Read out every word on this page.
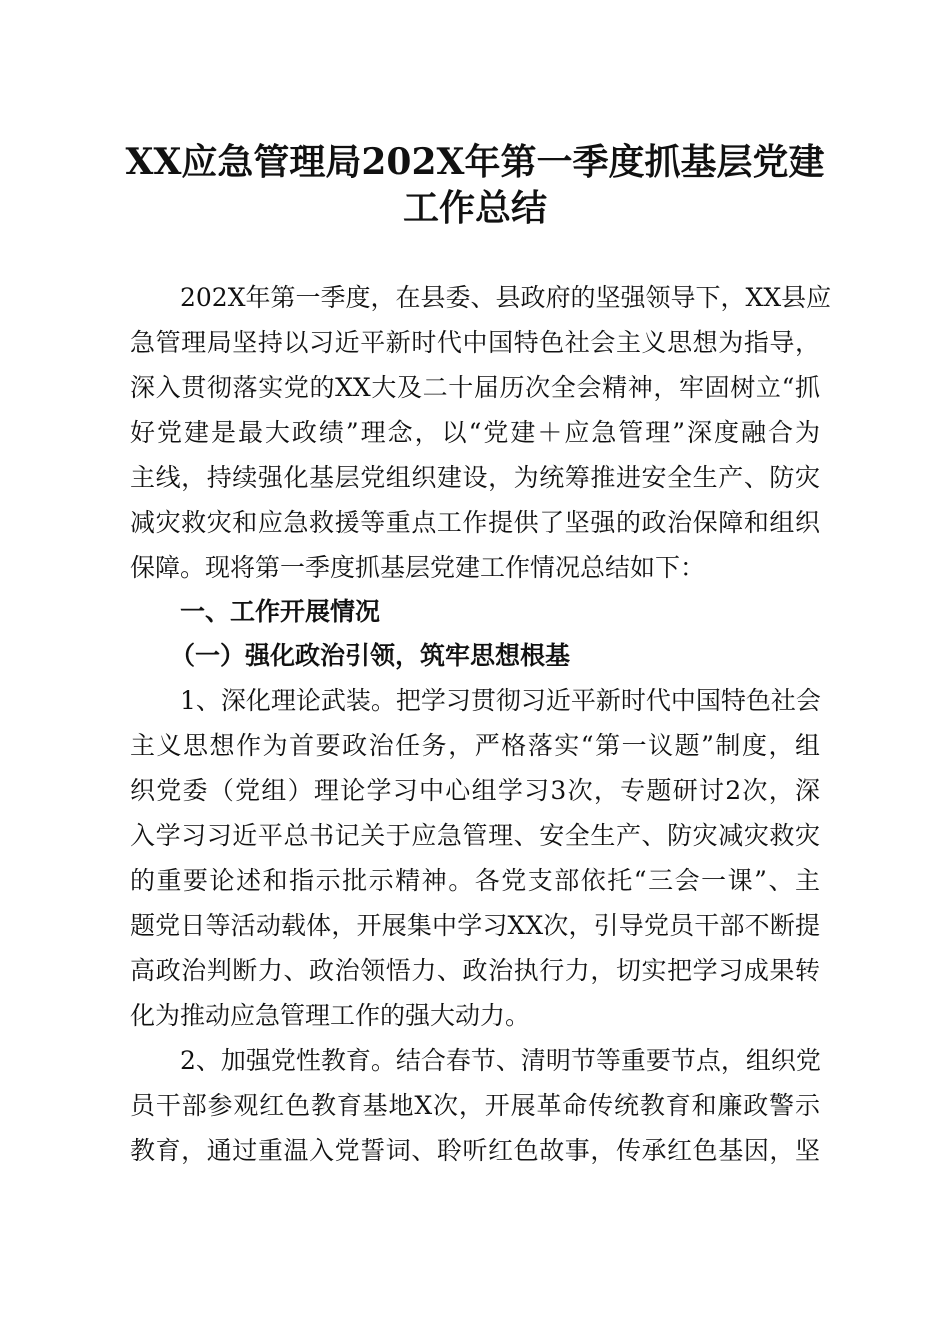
XX应急管理局202X年第一季度抓基层党建
工作总结
202X年第一季度，在县委、县政府的坚强领导下，XX县应
急管理局坚持以习近平新时代中国特色社会主义思想为指导，
深入贯彻落实党的XX大及二十届历次全会精神，牢固树立“抓
好党建是最大政绩”理念，以“党建＋应急管理”深度融合为
主线，持续强化基层党组织建设，为统筹推进安全生产、防灾
减灾救灾和应急救援等重点工作提供了坚强的政治保障和组织
保障。现将第一季度抓基层党建工作情况总结如下：
一、工作开展情况
（一）强化政治引领，筑牢思想根基
1、深化理论武装。把学习贯彻习近平新时代中国特色社会
主义思想作为首要政治任务，严格落实“第一议题”制度，组
织党委（党组）理论学习中心组学习3次，专题研讨2次，深
入学习习近平总书记关于应急管理、安全生产、防灾减灾救灾
的重要论述和指示批示精神。各党支部依托“三会一课”、主
题党日等活动载体，开展集中学习XX次，引导党员干部不断提
高政治判断力、政治领悟力、政治执行力，切实把学习成果转
化为推动应急管理工作的强大动力。
2、加强党性教育。结合春节、清明节等重要节点，组织党
员干部参观红色教育基地X次，开展革命传统教育和廉政警示
教育，通过重温入党誓词、聆听红色故事，传承红色基因，坚
